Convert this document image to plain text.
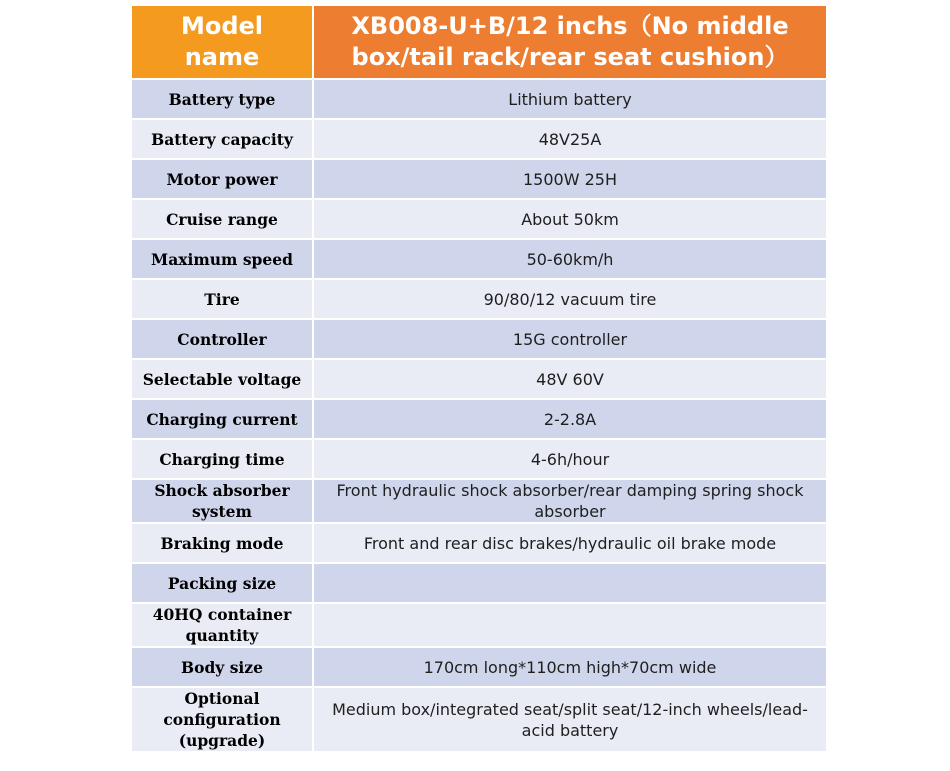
Model name	XB008-U+B/12 inchs（No middle box/tail rack/rear seat cushion）
Battery type	Lithium battery
Battery capacity	48V25A
Motor power	1500W 25H
Cruise range	About 50km
Maximum speed	50-60km/h
Tire	90/80/12 vacuum tire
Controller	15G controller
Selectable voltage	48V 60V
Charging current	2-2.8A
Charging time	4-6h/hour
Shock absorber system	Front hydraulic shock absorber/rear damping spring shock absorber
Braking mode	Front and rear disc brakes/hydraulic oil brake mode
Packing size	
40HQ container quantity	
Body size	170cm long*110cm high*70cm wide
Optional configuration (upgrade)	Medium box/integrated seat/split seat/12-inch wheels/lead-acid battery
